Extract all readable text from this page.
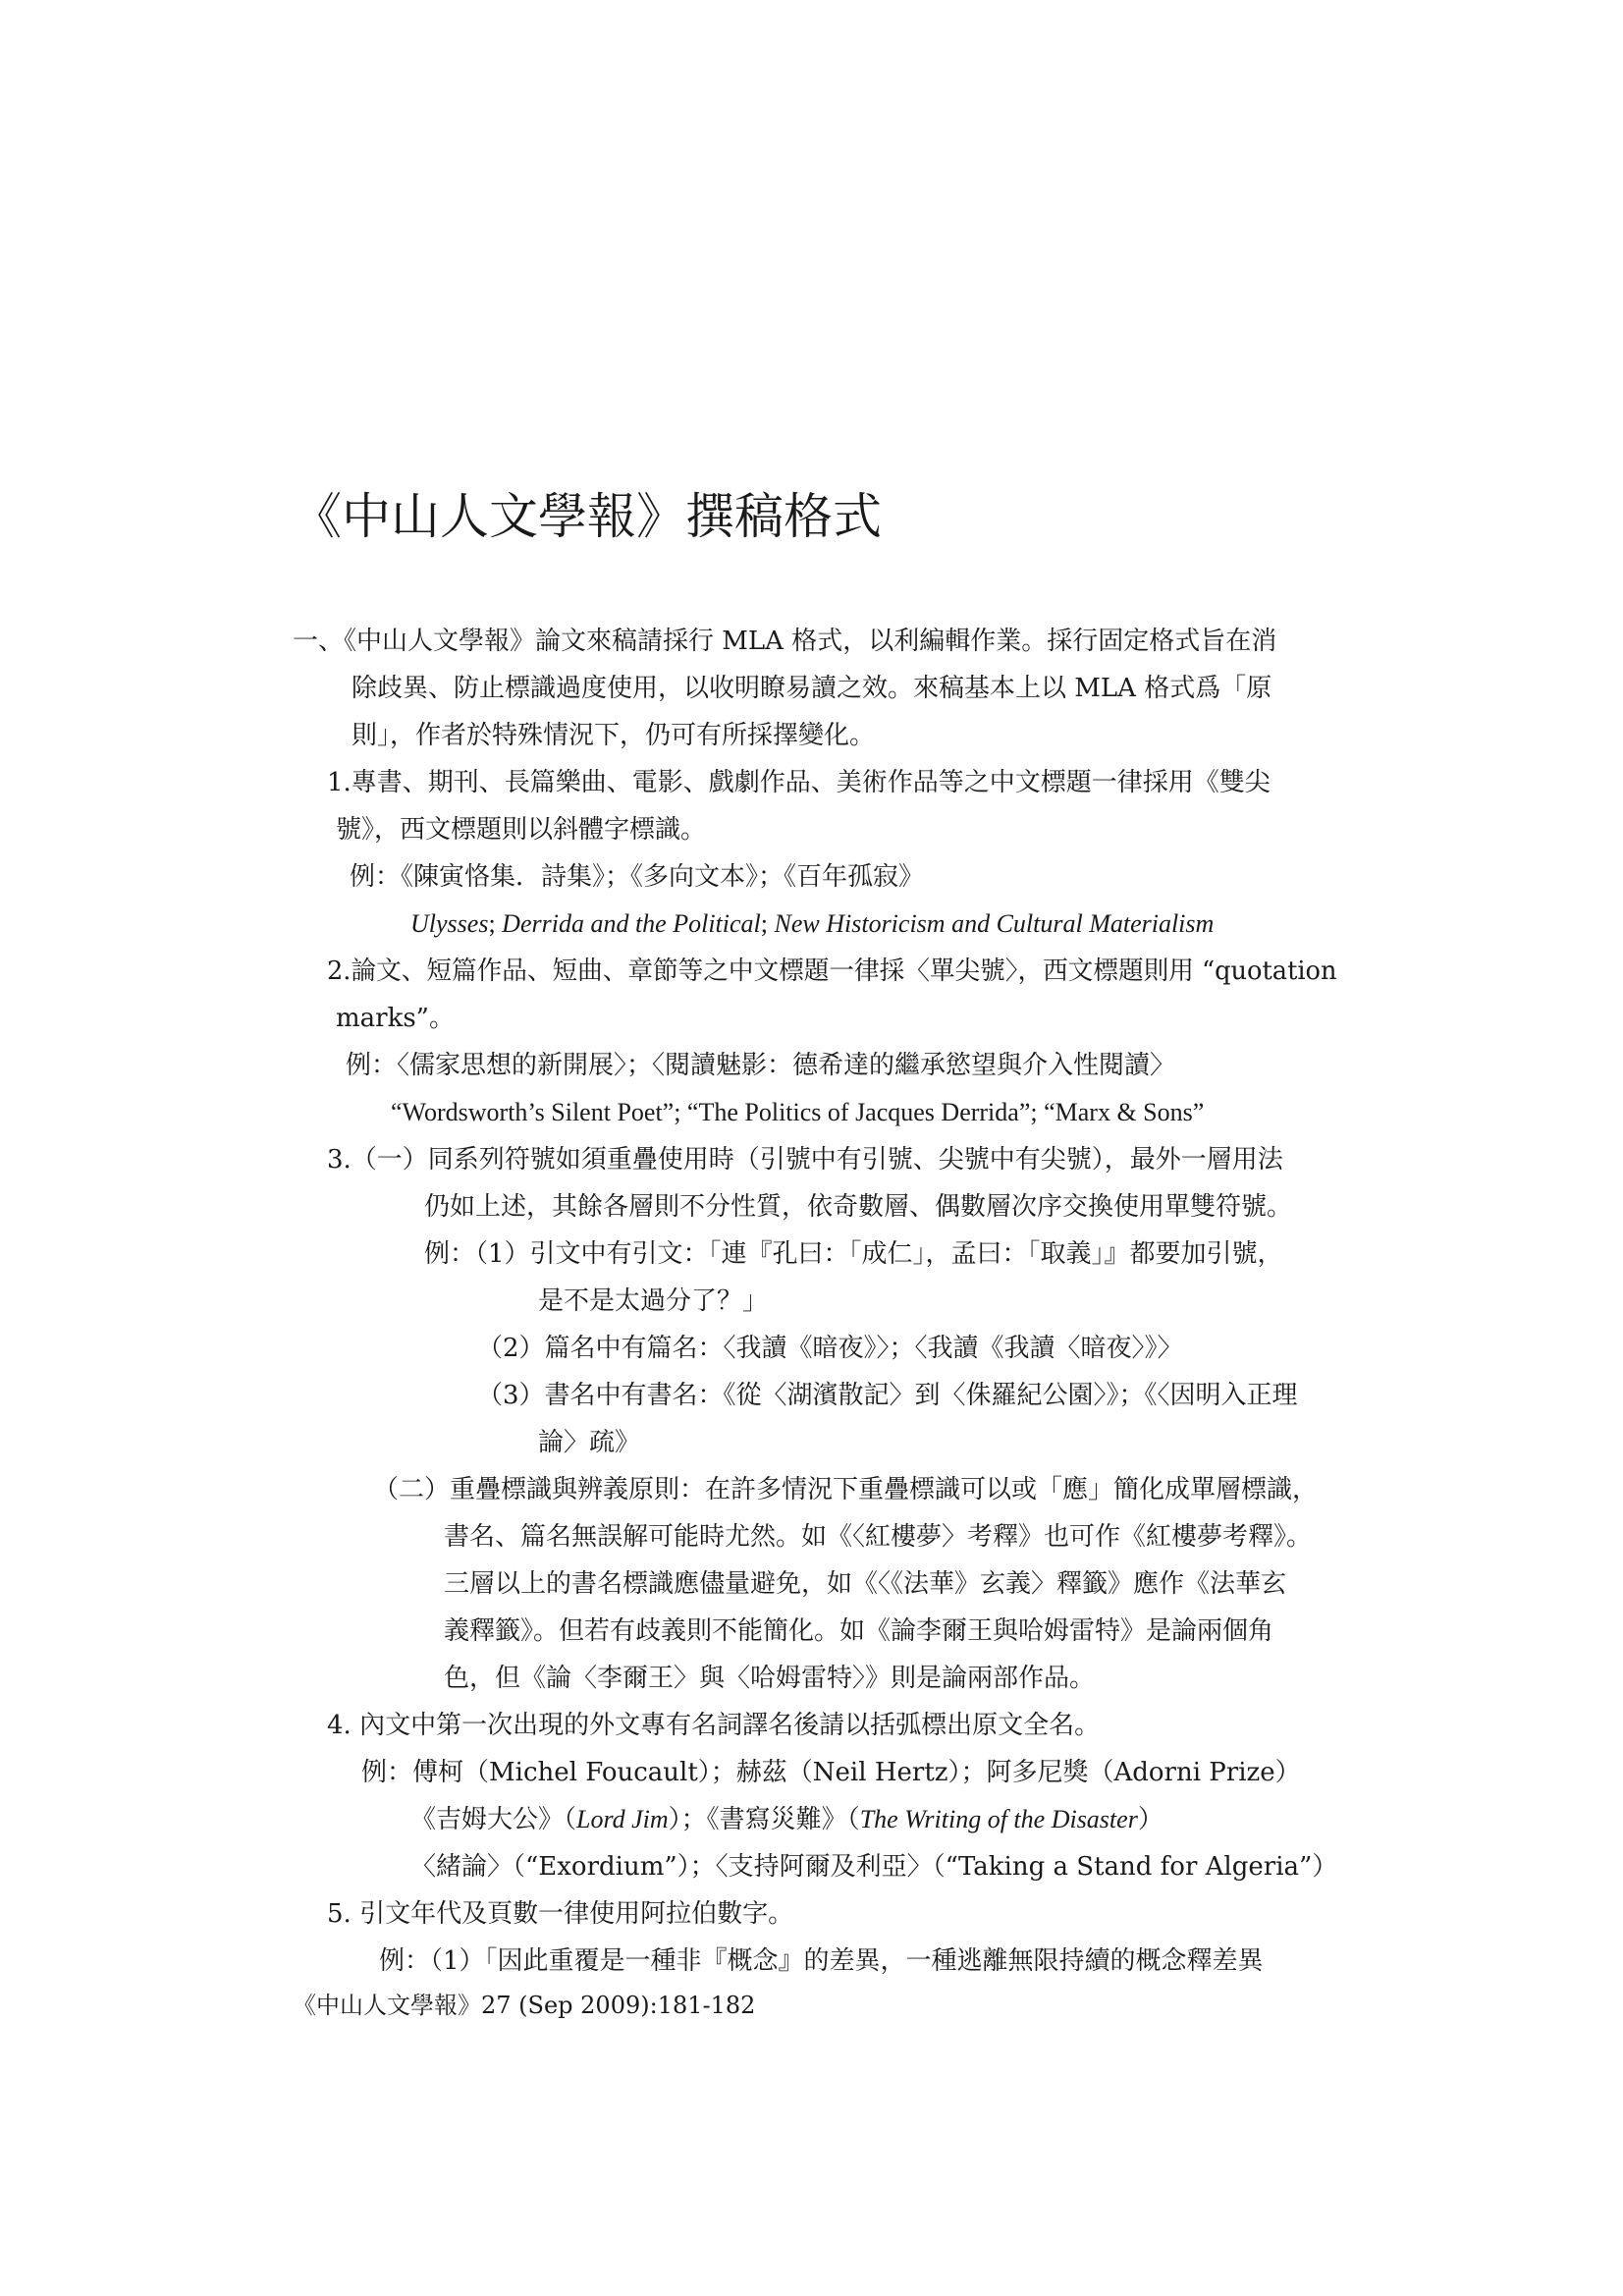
《中山人文學報》撰稿格式
一、《中山人文學報》論文來稿請採行 MLA 格式，以利編輯作業。採行固定格式旨在消
除歧異、防止標識過度使用，以收明瞭易讀之效。來稿基本上以 MLA 格式爲「原
則」，作者於特殊情況下，仍可有所採擇變化。
1.專書、期刊、長篇樂曲、電影、戲劇作品、美術作品等之中文標題一律採用《雙尖
號》，西文標題則以斜體字標識。
例：《陳寅恪集．詩集》；《多向文本》；《百年孤寂》
Ulysses; Derrida and the Political; New Historicism and Cultural Materialism
2.論文、短篇作品、短曲、章節等之中文標題一律採〈單尖號〉，西文標題則用 “quotation
marks”。
例：〈儒家思想的新開展〉；〈閱讀魅影：德希達的繼承慾望與介入性閱讀〉
“Wordsworth’s Silent Poet”; “The Politics of Jacques Derrida”; “Marx & Sons”
3.（一）同系列符號如須重疊使用時（引號中有引號、尖號中有尖號），最外一層用法
仍如上述，其餘各層則不分性質，依奇數層、偶數層次序交換使用單雙符號。
例：（1）引文中有引文：「連『孔曰：「成仁」，孟曰：「取義」』都要加引號，
是不是太過分了？」
（2）篇名中有篇名：〈我讀《暗夜》〉；〈我讀《我讀〈暗夜〉》〉
（3）書名中有書名：《從〈湖濱散記〉到〈侏羅紀公園〉》；《〈因明入正理
論〉疏》
（二）重疊標識與辨義原則：在許多情況下重疊標識可以或「應」簡化成單層標識，
書名、篇名無誤解可能時尤然。如《〈紅樓夢〉考釋》也可作《紅樓夢考釋》。
三層以上的書名標識應儘量避免，如《〈《法華》玄義〉釋籤》應作《法華玄
義釋籤》。但若有歧義則不能簡化。如《論李爾王與哈姆雷特》是論兩個角
色，但《論〈李爾王〉與〈哈姆雷特〉》則是論兩部作品。
4. 內文中第一次出現的外文專有名詞譯名後請以括弧標出原文全名。
例：傅柯（Michel Foucault）；赫茲（Neil Hertz）；阿多尼獎（Adorni Prize）
《吉姆大公》（Lord Jim）；《書寫災難》（The Writing of the Disaster）
〈緒論〉（“Exordium”）；〈支持阿爾及利亞〉（“Taking a Stand for Algeria”）
5. 引文年代及頁數一律使用阿拉伯數字。
例：（1）「因此重覆是一種非『概念』的差異，一種逃離無限持續的概念釋差異
《中山人文學報》27 (Sep 2009):181-182
